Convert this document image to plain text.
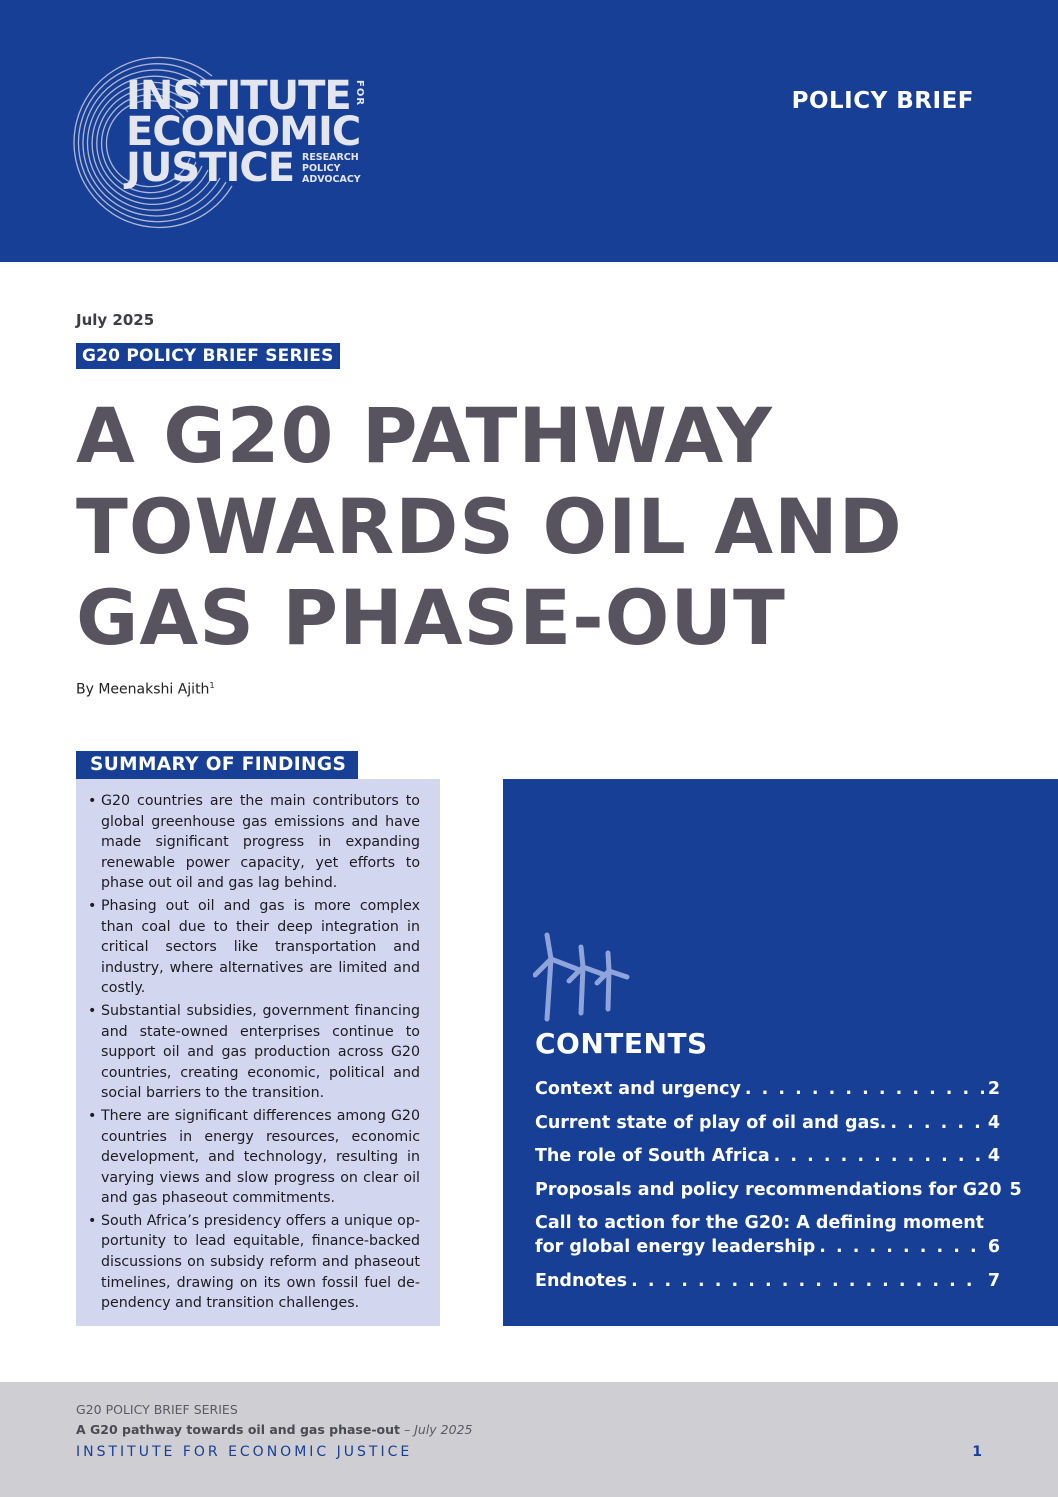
INSTITUTE
ECONOMIC
JUSTICE
FOR
RESEARCH
POLICY
ADVOCACY
POLICY BRIEF
July 2025
G20 POLICY BRIEF SERIES
A G20 PATHWAY
TOWARDS OIL AND
GAS PHASE-OUT
By Meenakshi Ajith$^1$
SUMMARY OF FINDINGS
• G20 countries are the main contributors to global greenhouse gas emissions and have made significant progress in expanding renewable power capacity, yet efforts to phase out oil and gas lag behind.
• Phasing out oil and gas is more complex than coal due to their deep integration in critical sectors like transportation and industry, where alternatives are limited and costly.
• Substantial subsidies, government financing and state-owned enterprises continue to support oil and gas production across G20 countries, creating economic, political and social barriers to the transition.
• There are significant differences among G20 countries in energy resources, economic development, and technology, resulting in varying views and slow progress on clear oil and gas phaseout commitments.
• South Africa’s presidency offers a unique opportunity to lead equitable, finance-backed discussions on subsidy reform and phaseout timelines, drawing on its own fossil fuel dependency and transition challenges.
CONTENTS
Context and urgency . . .	2
Current state of play of oil and gas. . . .	4
The role of South Africa . . .	4
Proposals and policy recommendations for G20 5
Call to action for the G20: A defining moment
for global energy leadership . . .	6
Endnotes . . .	7
G20 POLICY BRIEF SERIES
A G20 pathway towards oil and gas phase-out – July 2025
INSTITUTE FOR ECONOMIC JUSTICE	1
